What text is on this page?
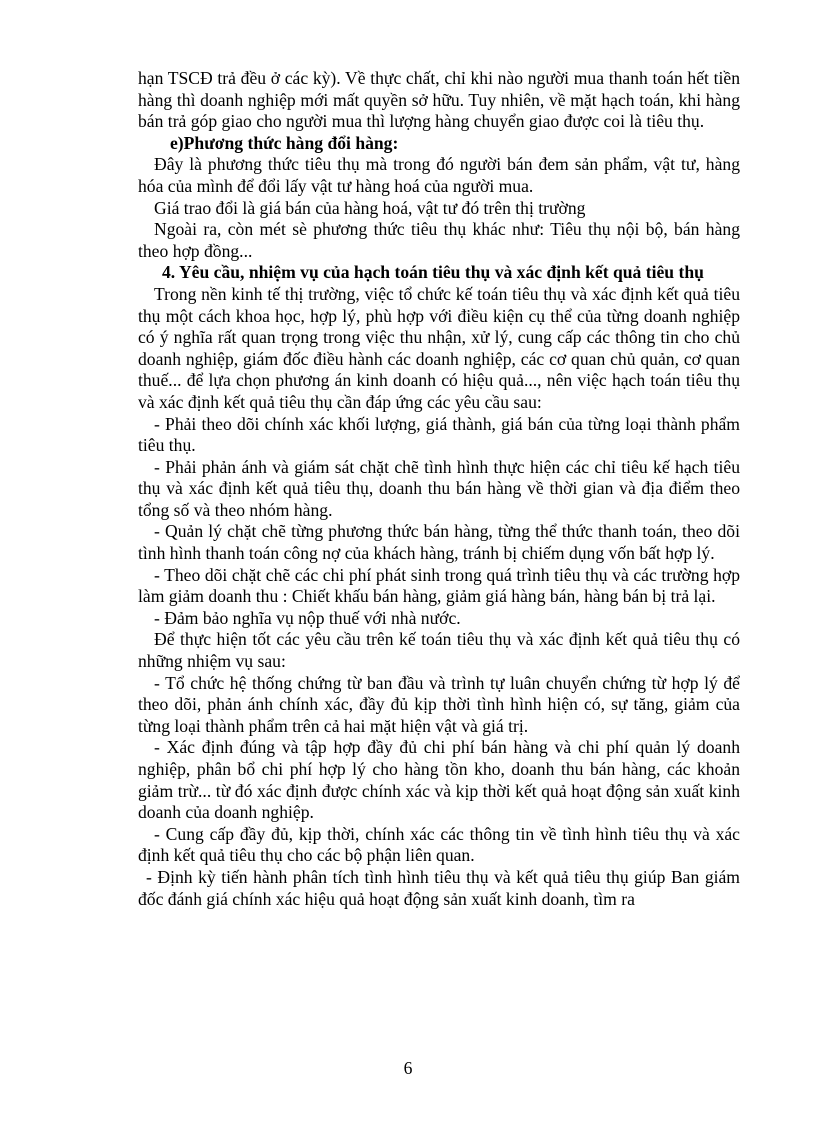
hạn TSCĐ trả đều ở các kỳ). Về thực chất, chỉ khi nào người mua thanh toán hết tiền hàng thì doanh nghiệp mới mất quyền sở hữu. Tuy nhiên, về mặt hạch toán, khi hàng bán trả góp giao cho người mua thì lượng hàng chuyển giao được coi là tiêu thụ.

e)Phương thức hàng đổi hàng:

Đây là phương thức tiêu thụ mà trong đó người bán đem sản phẩm, vật tư, hàng hóa của mình để đổi lấy vật tư hàng hoá của người mua.

Giá trao đổi là giá bán của hàng hoá, vật tư đó trên thị trường

Ngoài ra, còn mét sè phương thức tiêu thụ khác như: Tiêu thụ nội bộ, bán hàng theo hợp đồng...

4. Yêu cầu, nhiệm vụ của hạch toán tiêu thụ và xác định kết quả tiêu thụ

Trong nền kinh tế thị trường, việc tổ chức kế toán tiêu thụ và xác định kết quả tiêu thụ một cách khoa học, hợp lý, phù hợp với điều kiện cụ thể của từng doanh nghiệp có ý nghĩa rất quan trọng trong việc thu nhận, xử lý, cung cấp các thông tin cho chủ doanh nghiệp, giám đốc điều hành các doanh nghiệp, các cơ quan chủ quản, cơ quan thuế... để lựa chọn phương án kinh doanh có hiệu quả..., nên việc hạch toán tiêu thụ và xác định kết quả tiêu thụ cần đáp ứng các yêu cầu sau:

- Phải theo dõi chính xác khối lượng, giá thành, giá bán của từng loại thành phẩm tiêu thụ.

- Phải phản ánh và giám sát chặt chẽ tình hình thực hiện các chỉ tiêu kế hạch tiêu thụ và xác định kết quả tiêu thụ, doanh thu bán hàng về thời gian và địa điểm theo tổng số và theo nhóm hàng.

- Quản lý chặt chẽ từng phương thức bán hàng, từng thể thức thanh toán, theo dõi tình hình thanh toán công nợ của khách hàng, tránh bị chiếm dụng vốn bất hợp lý.

- Theo dõi chặt chẽ các chi phí phát sinh trong quá trình tiêu thụ và các trường hợp làm giảm doanh thu : Chiết khấu bán hàng, giảm giá hàng bán, hàng bán bị trả lại.

- Đảm bảo nghĩa vụ nộp thuế với nhà nước.

Để thực hiện tốt các yêu cầu trên kế toán tiêu thụ và xác định kết quả tiêu thụ có những nhiệm vụ sau:

- Tổ chức hệ thống chứng từ ban đầu và trình tự luân chuyển chứng từ hợp lý để theo dõi, phản ánh chính xác, đầy đủ kịp thời tình hình hiện có, sự tăng, giảm của từng loại thành phẩm trên cả hai mặt hiện vật và giá trị.

- Xác định đúng và tập hợp đầy đủ chi phí bán hàng và chi phí quản lý doanh nghiệp, phân bổ chi phí hợp lý cho hàng tồn kho, doanh thu bán hàng, các khoản giảm trừ... từ đó xác định được chính xác và kịp thời kết quả hoạt động sản xuất kinh doanh của doanh nghiệp.

- Cung cấp đầy đủ, kịp thời, chính xác các thông tin về tình hình tiêu thụ và xác định kết quả tiêu thụ cho các bộ phận liên quan.

- Định kỳ tiến hành phân tích tình hình tiêu thụ và kết quả tiêu thụ giúp Ban giám đốc đánh giá chính xác hiệu quả hoạt động sản xuất kinh doanh, tìm ra

6
